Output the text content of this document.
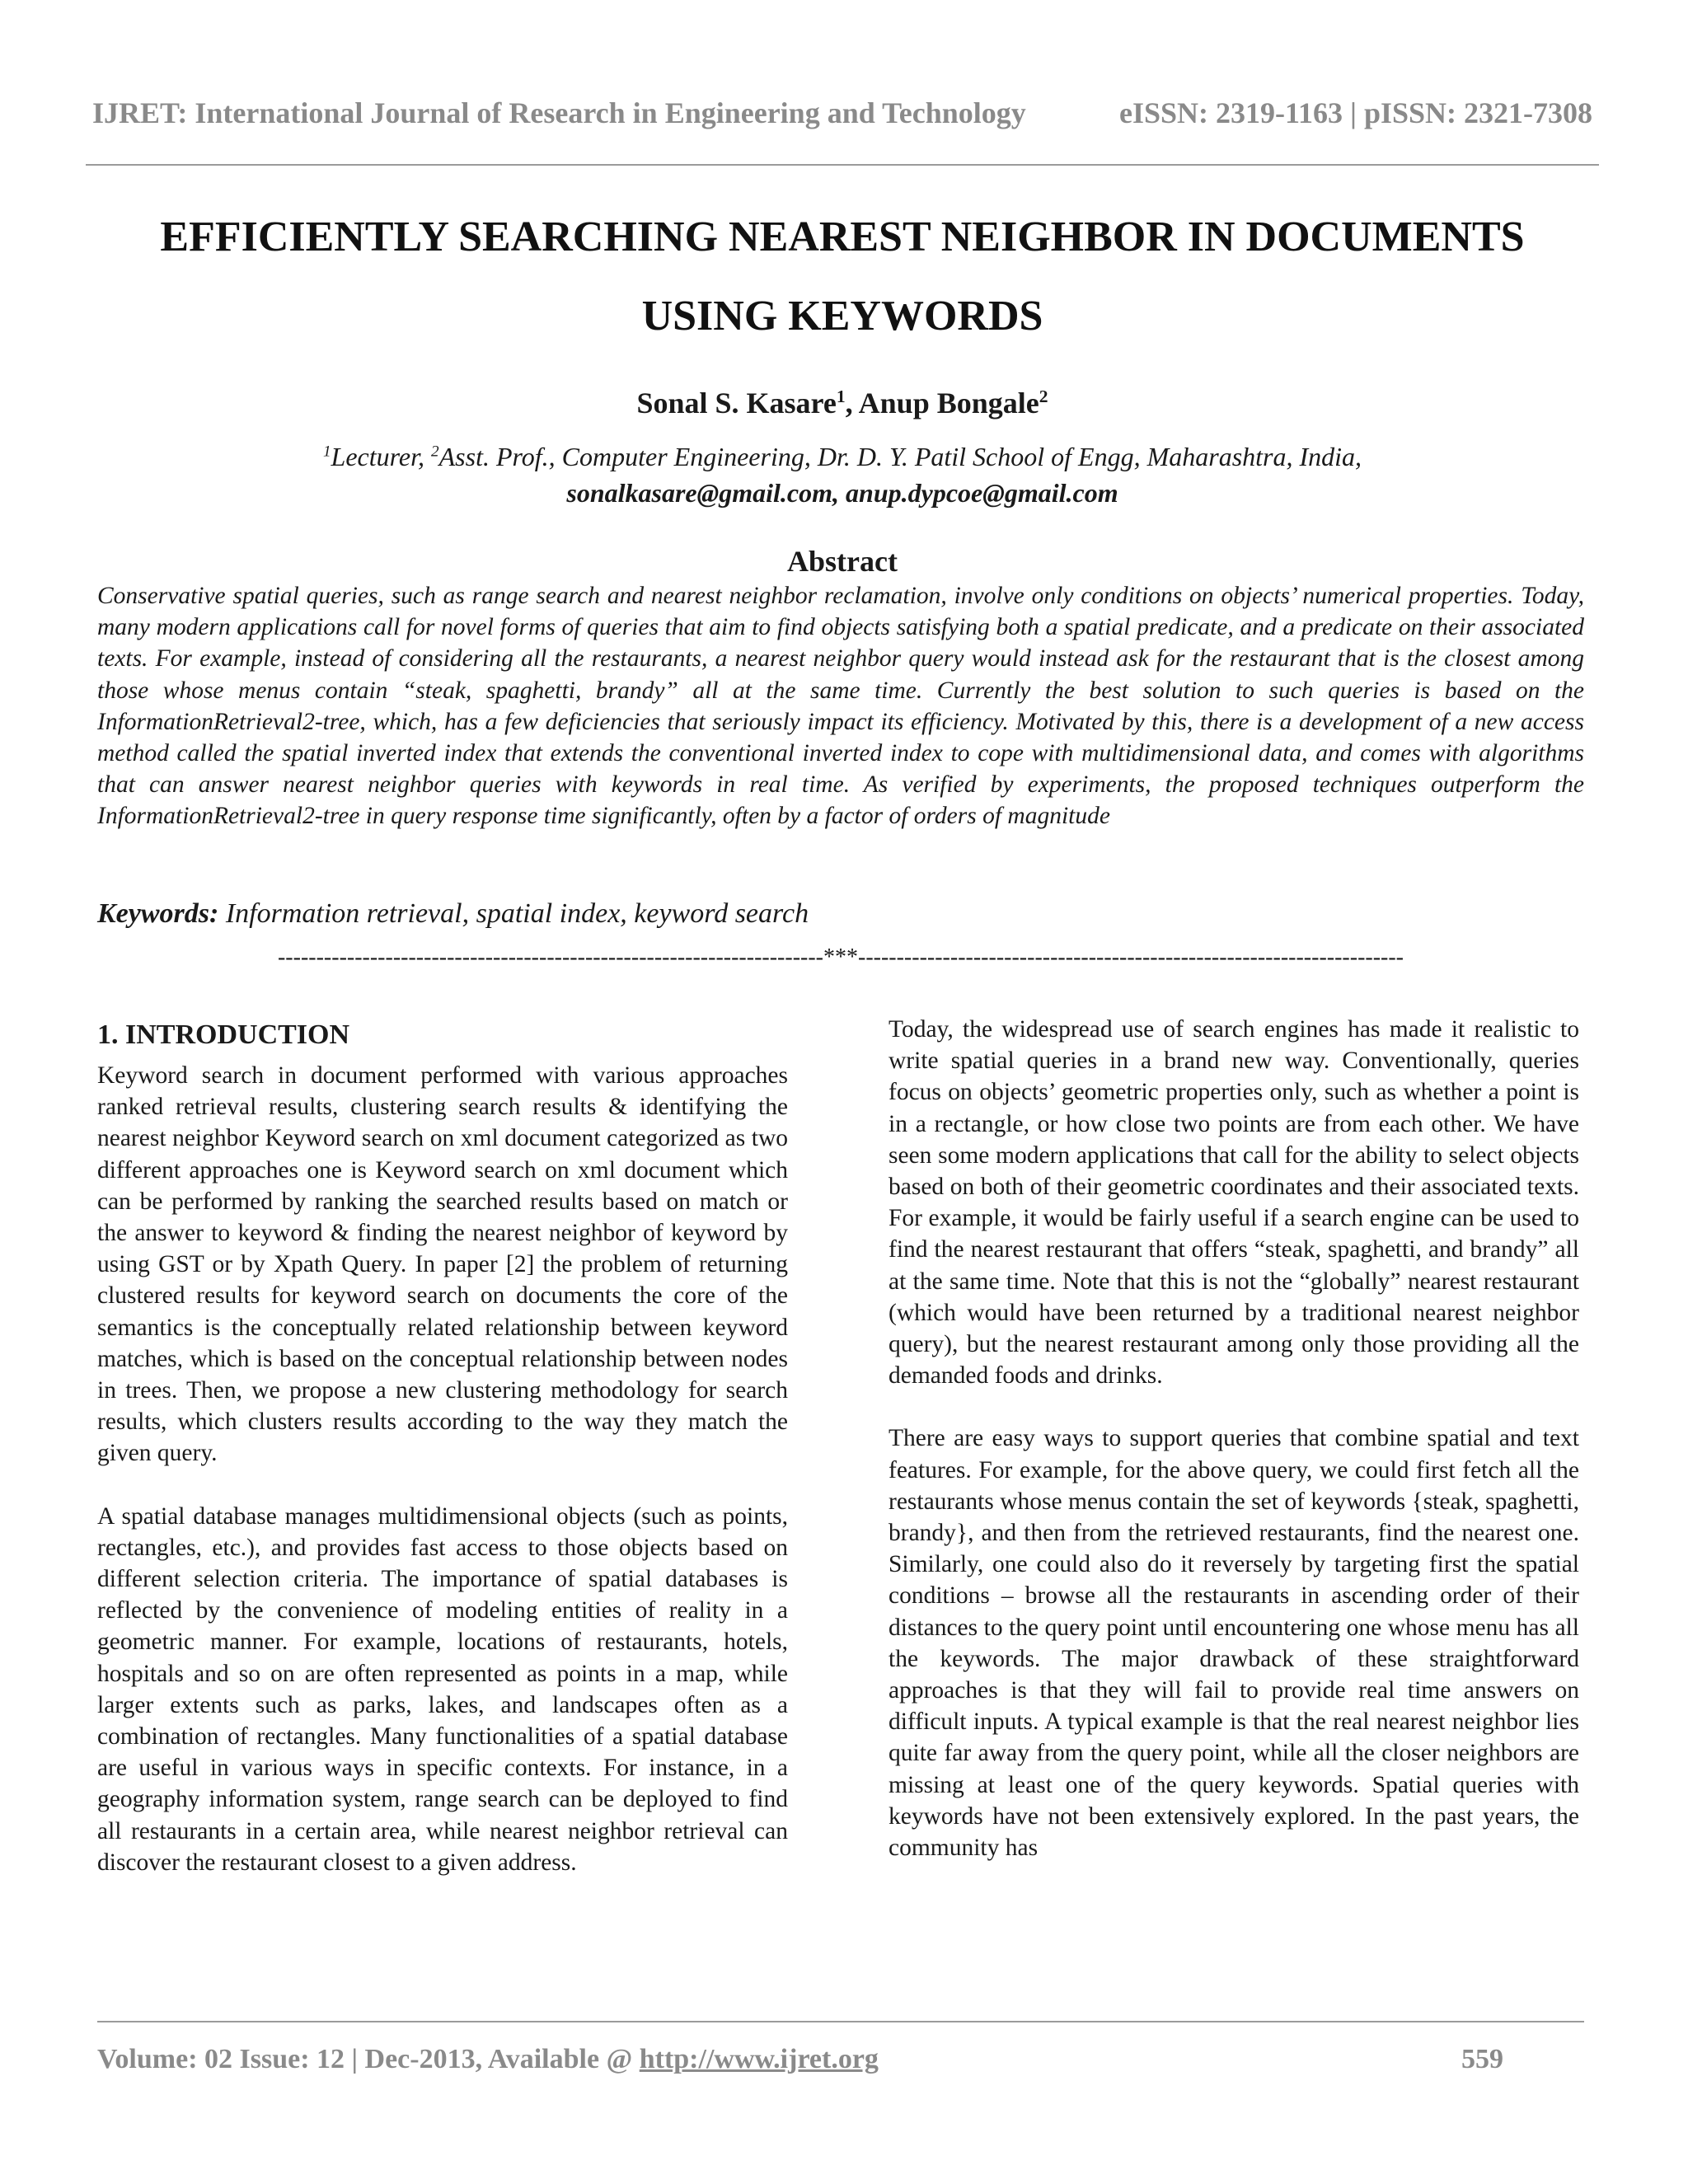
IJRET: International Journal of Research in Engineering and Technology	eISSN: 2319-1163 | pISSN: 2321-7308
EFFICIENTLY SEARCHING NEAREST NEIGHBOR IN DOCUMENTS
USING KEYWORDS
Sonal S. Kasare$^1$, Anup Bongale$^2$
$^1$Lecturer, $^2$Asst. Prof., Computer Engineering, Dr. D. Y. Patil School of Engg, Maharashtra, India,
sonalkasare@gmail.com, anup.dypcoe@gmail.com
Abstract
Conservative spatial queries, such as range search and nearest neighbor reclamation, involve only conditions on objects’ numerical properties. Today, many modern applications call for novel forms of queries that aim to find objects satisfying both a spatial predicate, and a predicate on their associated texts. For example, instead of considering all the restaurants, a nearest neighbor query would instead ask for the restaurant that is the closest among those whose menus contain “steak, spaghetti, brandy” all at the same time. Currently the best solution to such queries is based on the InformationRetrieval2-tree, which, has a few deficiencies that seriously impact its efficiency. Motivated by this, there is a development of a new access method called the spatial inverted index that extends the conventional inverted index to cope with multidimensional data, and comes with algorithms that can answer nearest neighbor queries with keywords in real time. As verified by experiments, the proposed techniques outperform the InformationRetrieval2-tree in query response time significantly, often by a factor of orders of magnitude
Keywords: Information retrieval, spatial index, keyword search
-----------------------------------------------------------------------***-----------------------------------------------------------------------
1. INTRODUCTION

Keyword search in document performed with various approaches ranked retrieval results, clustering search results & identifying the nearest neighbor Keyword search on xml document categorized as two different approaches one is Keyword search on xml document which can be performed by ranking the searched results based on match or the answer to keyword & finding the nearest neighbor of keyword by using GST or by Xpath Query. In paper [2] the problem of returning clustered results for keyword search on documents the core of the semantics is the conceptually related relationship between keyword matches, which is based on the conceptual relationship between nodes in trees. Then, we propose a new clustering methodology for search results, which clusters results according to the way they match the given query.

A spatial database manages multidimensional objects (such as points, rectangles, etc.), and provides fast access to those objects based on different selection criteria. The importance of spatial databases is reflected by the convenience of modeling entities of reality in a geometric manner. For example, locations of restaurants, hotels, hospitals and so on are often represented as points in a map, while larger extents such as parks, lakes, and landscapes often as a combination of rectangles. Many functionalities of a spatial database are useful in various ways in specific contexts. For instance, in a geography information system, range search can be deployed to find all restaurants in a certain area, while nearest neighbor retrieval can discover the restaurant closest to a given address.

Today, the widespread use of search engines has made it realistic to write spatial queries in a brand new way. Conventionally, queries focus on objects’ geometric properties only, such as whether a point is in a rectangle, or how close two points are from each other. We have seen some modern applications that call for the ability to select objects based on both of their geometric coordinates and their associated texts. For example, it would be fairly useful if a search engine can be used to find the nearest restaurant that offers “steak, spaghetti, and brandy” all at the same time. Note that this is not the “globally” nearest restaurant (which would have been returned by a traditional nearest neighbor query), but the nearest restaurant among only those providing all the demanded foods and drinks.

There are easy ways to support queries that combine spatial and text features. For example, for the above query, we could first fetch all the restaurants whose menus contain the set of keywords {steak, spaghetti, brandy}, and then from the retrieved restaurants, find the nearest one. Similarly, one could also do it reversely by targeting first the spatial conditions – browse all the restaurants in ascending order of their distances to the query point until encountering one whose menu has all the keywords. The major drawback of these straightforward approaches is that they will fail to provide real time answers on difficult inputs. A typical example is that the real nearest neighbor lies quite far away from the query point, while all the closer neighbors are missing at least one of the query keywords. Spatial queries with keywords have not been extensively explored. In the past years, the community has

Volume: 02 Issue: 12 | Dec-2013, Available @ http://www.ijret.org	559
